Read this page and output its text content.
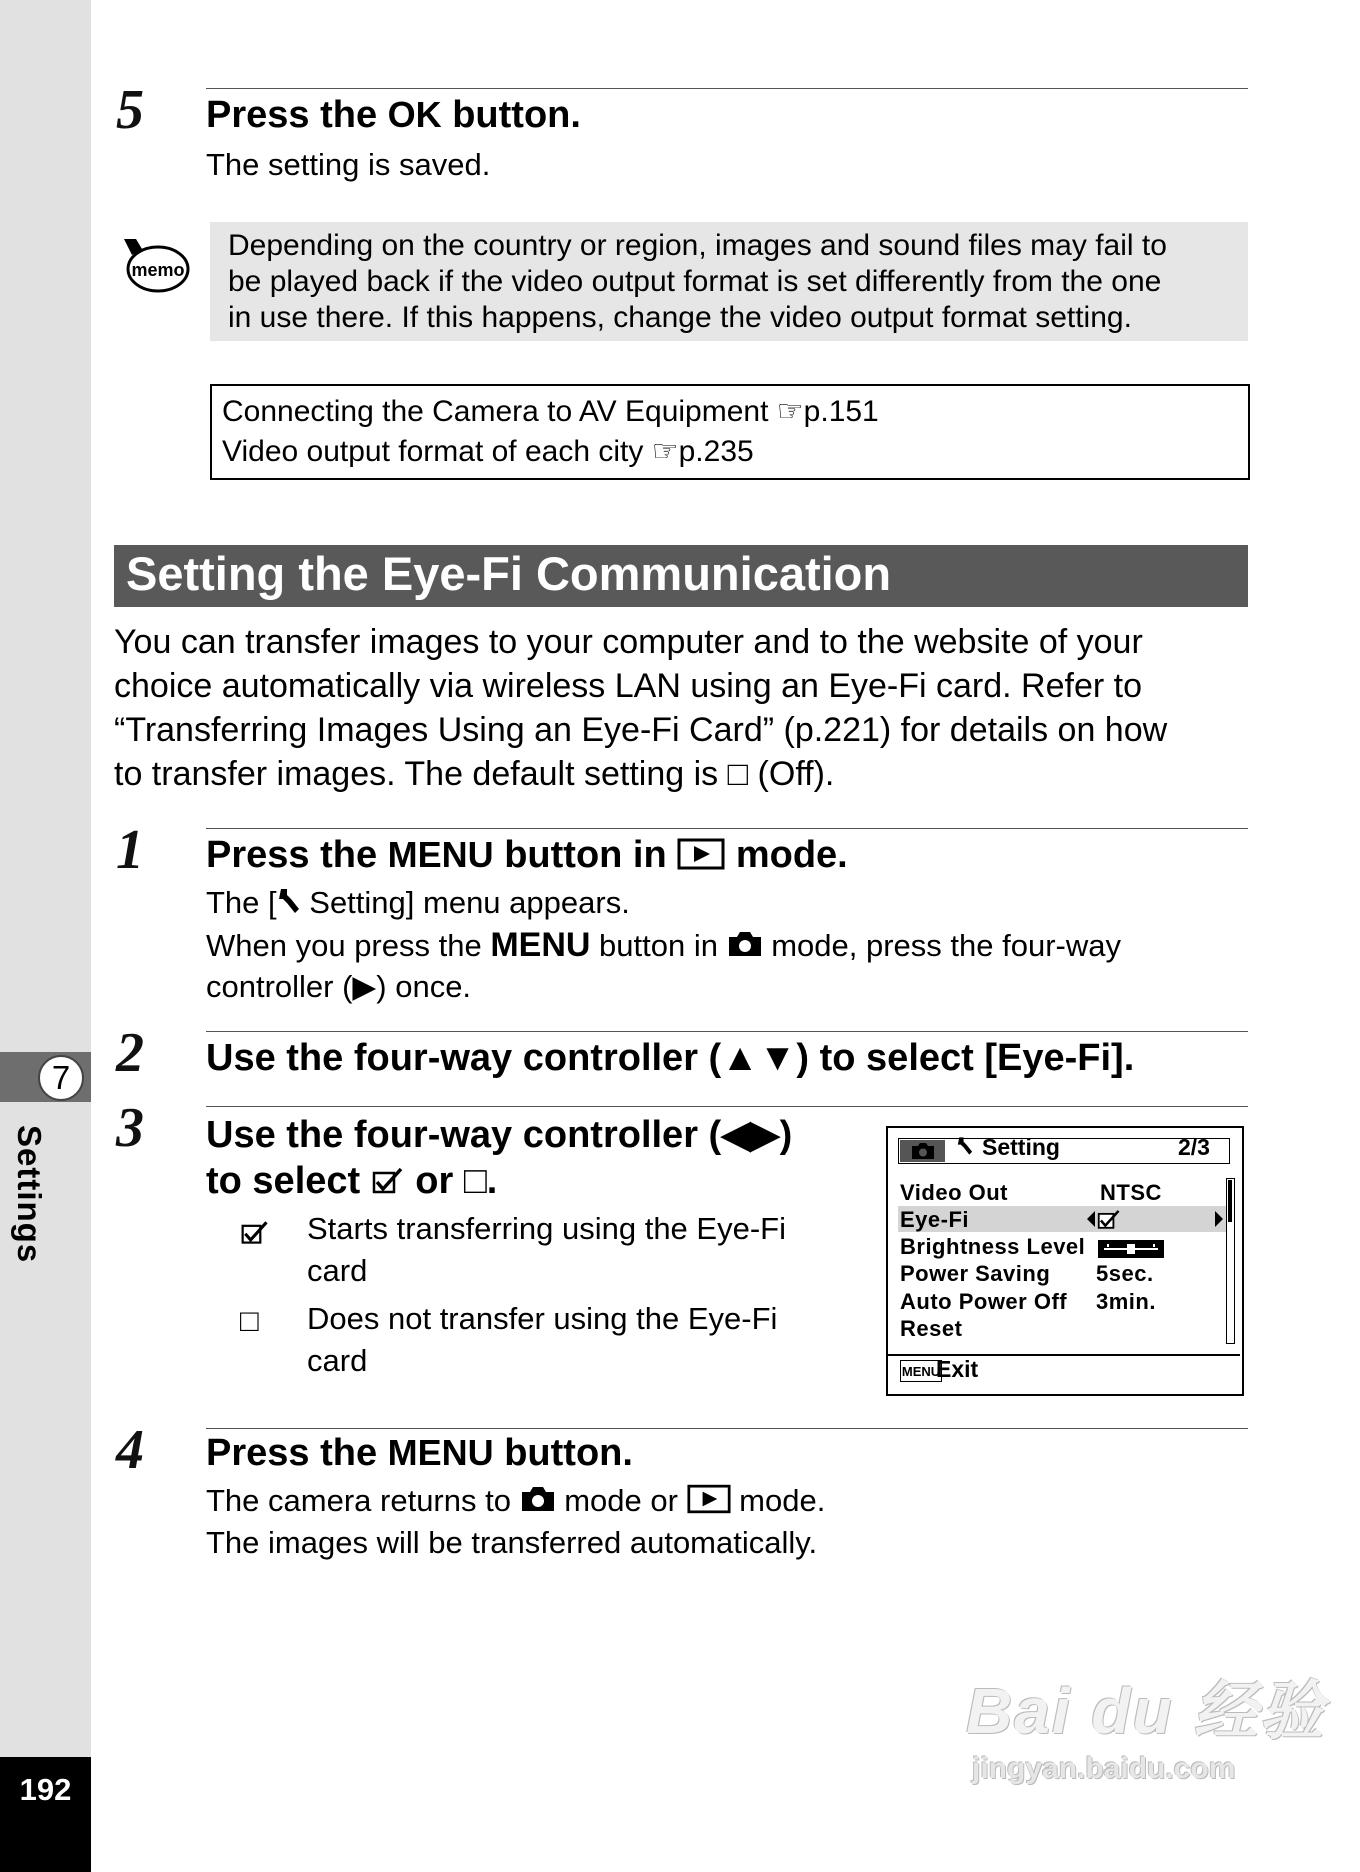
7
Settings
192
5 Press the OK button.
The setting is saved.
memo
Depending on the country or region, images and sound files may fail to
be played back if the video output format is set differently from the one
in use there. If this happens, change the video output format setting.
Connecting the Camera to AV Equipment ☞p.151
Video output format of each city ☞p.235
Setting the Eye-Fi Communication
You can transfer images to your computer and to the website of your
choice automatically via wireless LAN using an Eye-Fi card. Refer to
“Transferring Images Using an Eye-Fi Card” (p.221) for details on how
to transfer images. The default setting is □ (Off).
1 Press the MENU button in  mode.
The [ Setting] menu appears.
When you press the MENU button in  mode, press the four-way
controller (▶) once.
2 Use the four-way controller (▲▼) to select [Eye-Fi].
3 Use the four-way controller (◀▶)
to select  or □.
Starts transferring using the Eye-Fi
card
□ Does not transfer using the Eye-Fi
card
Setting	2/3
Video Out	NTSC
Eye-Fi
Brightness Level
Power Saving 5sec.
Auto Power Off 3min.
Reset
MENU
Exit
4 Press the MENU button.
The camera returns to  mode or  mode.
The images will be transferred automatically.
Bai du 经验
jingyan.baidu.com
